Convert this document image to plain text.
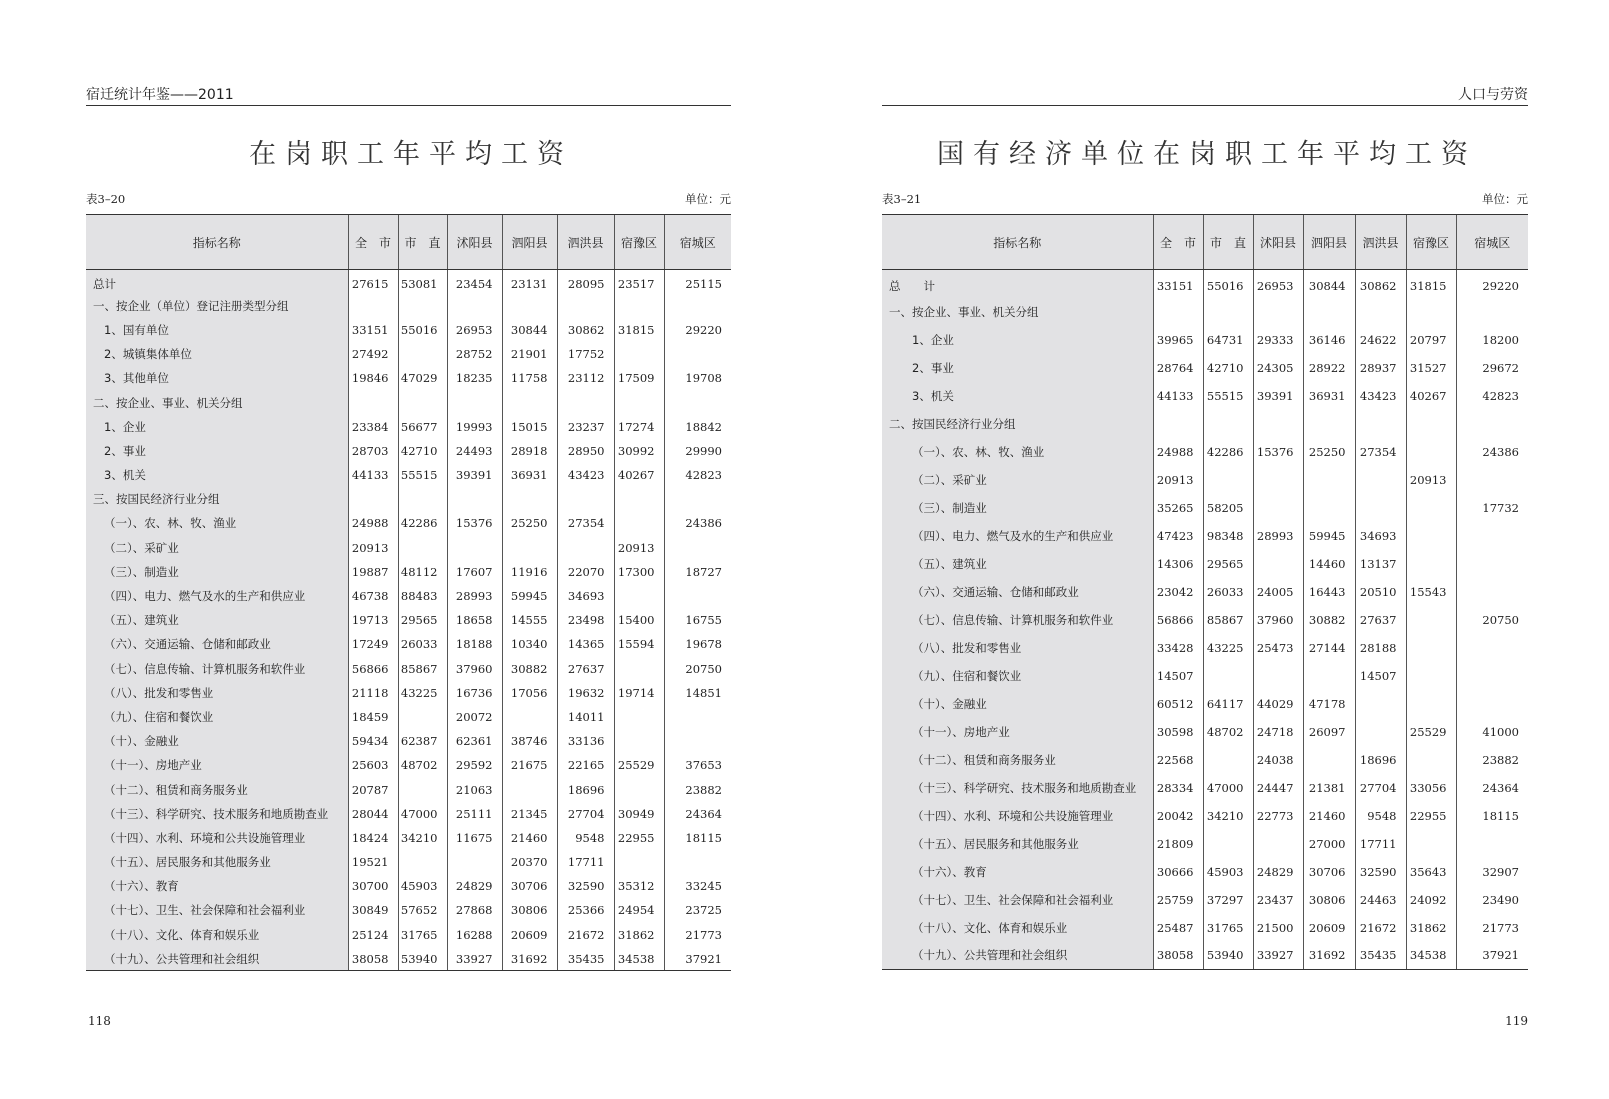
宿迁统计年鉴——2011
在岗职工年平均工资
表3–20	单位：元
指标名称	全　市	市　直	沭阳县	泗阳县	泗洪县	宿豫区	宿城区
总计	27615	53081	23454	23131	28095	23517	25115
一、按企业（单位）登记注册类型分组							
1、国有单位	33151	55016	26953	30844	30862	31815	29220
2、城镇集体单位	27492		28752	21901	17752		
3、其他单位	19846	47029	18235	11758	23112	17509	19708
二、按企业、事业、机关分组							
1、企业	23384	56677	19993	15015	23237	17274	18842
2、事业	28703	42710	24493	28918	28950	30992	29990
3、机关	44133	55515	39391	36931	43423	40267	42823
三、按国民经济行业分组							
（一）、农、林、牧、渔业	24988	42286	15376	25250	27354		24386
（二）、采矿业	20913					20913	
（三）、制造业	19887	48112	17607	11916	22070	17300	18727
（四）、电力、燃气及水的生产和供应业	46738	88483	28993	59945	34693		
（五）、建筑业	19713	29565	18658	14555	23498	15400	16755
（六）、交通运输、仓储和邮政业	17249	26033	18188	10340	14365	15594	19678
（七）、信息传输、计算机服务和软件业	56866	85867	37960	30882	27637		20750
（八）、批发和零售业	21118	43225	16736	17056	19632	19714	14851
（九）、住宿和餐饮业	18459		20072		14011		
（十）、金融业	59434	62387	62361	38746	33136		
（十一）、房地产业	25603	48702	29592	21675	22165	25529	37653
（十二）、租赁和商务服务业	20787		21063		18696		23882
（十三）、科学研究、技术服务和地质勘查业	28044	47000	25111	21345	27704	30949	24364
（十四）、水利、环境和公共设施管理业	18424	34210	11675	21460	9548	22955	18115
（十五）、居民服务和其他服务业	19521			20370	17711		
（十六）、教育	30700	45903	24829	30706	32590	35312	33245
（十七）、卫生、社会保障和社会福利业	30849	57652	27868	30806	25366	24954	23725
（十八）、文化、体育和娱乐业	25124	31765	16288	20609	21672	31862	21773
（十九）、公共管理和社会组织	38058	53940	33927	31692	35435	34538	37921
118
人口与劳资
国有经济单位在岗职工年平均工资
表3–21	单位：元
指标名称	全　市	市　直	沭阳县	泗阳县	泗洪县	宿豫区	宿城区
总　　计	33151	55016	26953	30844	30862	31815	29220
一、按企业、事业、机关分组							
1、企业	39965	64731	29333	36146	24622	20797	18200
2、事业	28764	42710	24305	28922	28937	31527	29672
3、机关	44133	55515	39391	36931	43423	40267	42823
二、按国民经济行业分组							
（一）、农、林、牧、渔业	24988	42286	15376	25250	27354		24386
（二）、采矿业	20913					20913	
（三）、制造业	35265	58205					17732
（四）、电力、燃气及水的生产和供应业	47423	98348	28993	59945	34693		
（五）、建筑业	14306	29565		14460	13137		
（六）、交通运输、仓储和邮政业	23042	26033	24005	16443	20510	15543	
（七）、信息传输、计算机服务和软件业	56866	85867	37960	30882	27637		20750
（八）、批发和零售业	33428	43225	25473	27144	28188		
（九）、住宿和餐饮业	14507				14507		
（十）、金融业	60512	64117	44029	47178			
（十一）、房地产业	30598	48702	24718	26097		25529	41000
（十二）、租赁和商务服务业	22568		24038		18696		23882
（十三）、科学研究、技术服务和地质勘查业	28334	47000	24447	21381	27704	33056	24364
（十四）、水利、环境和公共设施管理业	20042	34210	22773	21460	9548	22955	18115
（十五）、居民服务和其他服务业	21809			27000	17711		
（十六）、教育	30666	45903	24829	30706	32590	35643	32907
（十七）、卫生、社会保障和社会福利业	25759	37297	23437	30806	24463	24092	23490
（十八）、文化、体育和娱乐业	25487	31765	21500	20609	21672	31862	21773
（十九）、公共管理和社会组织	38058	53940	33927	31692	35435	34538	37921
119
